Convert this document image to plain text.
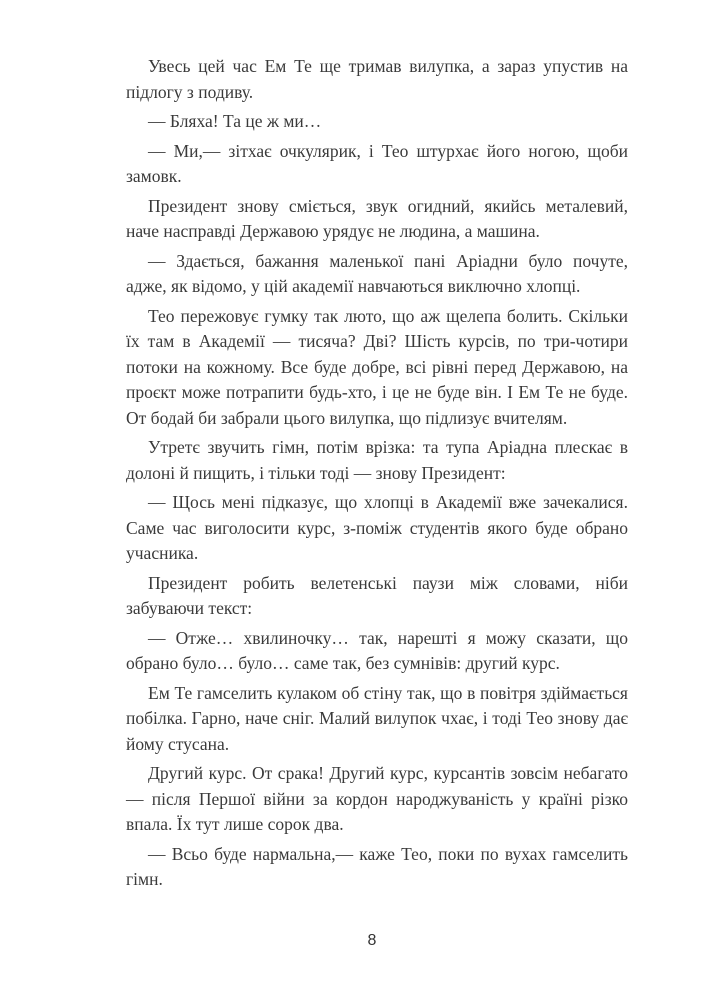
Увесь цей час Ем Те ще тримав вилупка, а зараз упустив на підлогу з подиву.

— Бляха! Та це ж ми…

— Ми,— зітхає очкулярик, і Тео штурхає його ногою, щоби замовк.

Президент знову сміється, звук огидний, якийсь металевий, наче насправді Державою урядує не людина, а машина.

— Здається, бажання маленької пані Аріадни було почуте, адже, як відомо, у цій академії навчаються виключно хлопці.

Тео пережовує гумку так люто, що аж щелепа болить. Скільки їх там в Академії — тисяча? Дві? Шість курсів, по три-чотири потоки на кожному. Все буде добре, всі рівні перед Державою, на проєкт може потрапити будь-хто, і це не буде він. І Ем Те не буде. От бодай би забрали цього вилупка, що підлизує вчителям.

Утретє звучить гімн, потім врізка: та тупа Аріадна плескає в долоні й пищить, і тільки тоді — знову Президент:

— Щось мені підказує, що хлопці в Академії вже зачекалися. Саме час виголосити курс, з-поміж студентів якого буде обрано учасника.

Президент робить велетенські паузи між словами, ніби забуваючи текст:

— Отже… хвилиночку… так, нарешті я можу сказати, що обрано було… було… саме так, без сумнівів: другий курс.

Ем Те гамселить кулаком об стіну так, що в повітря здіймається побілка. Гарно, наче сніг. Малий вилупок чхає, і тоді Тео знову дає йому стусана.

Другий курс. От срака! Другий курс, курсантів зовсім небагато — після Першої війни за кордон народжуваність у країні різко впала. Їх тут лише сорок два.

— Всьо буде нармальна,— каже Тео, поки по вухах гамселить гімн.

8
